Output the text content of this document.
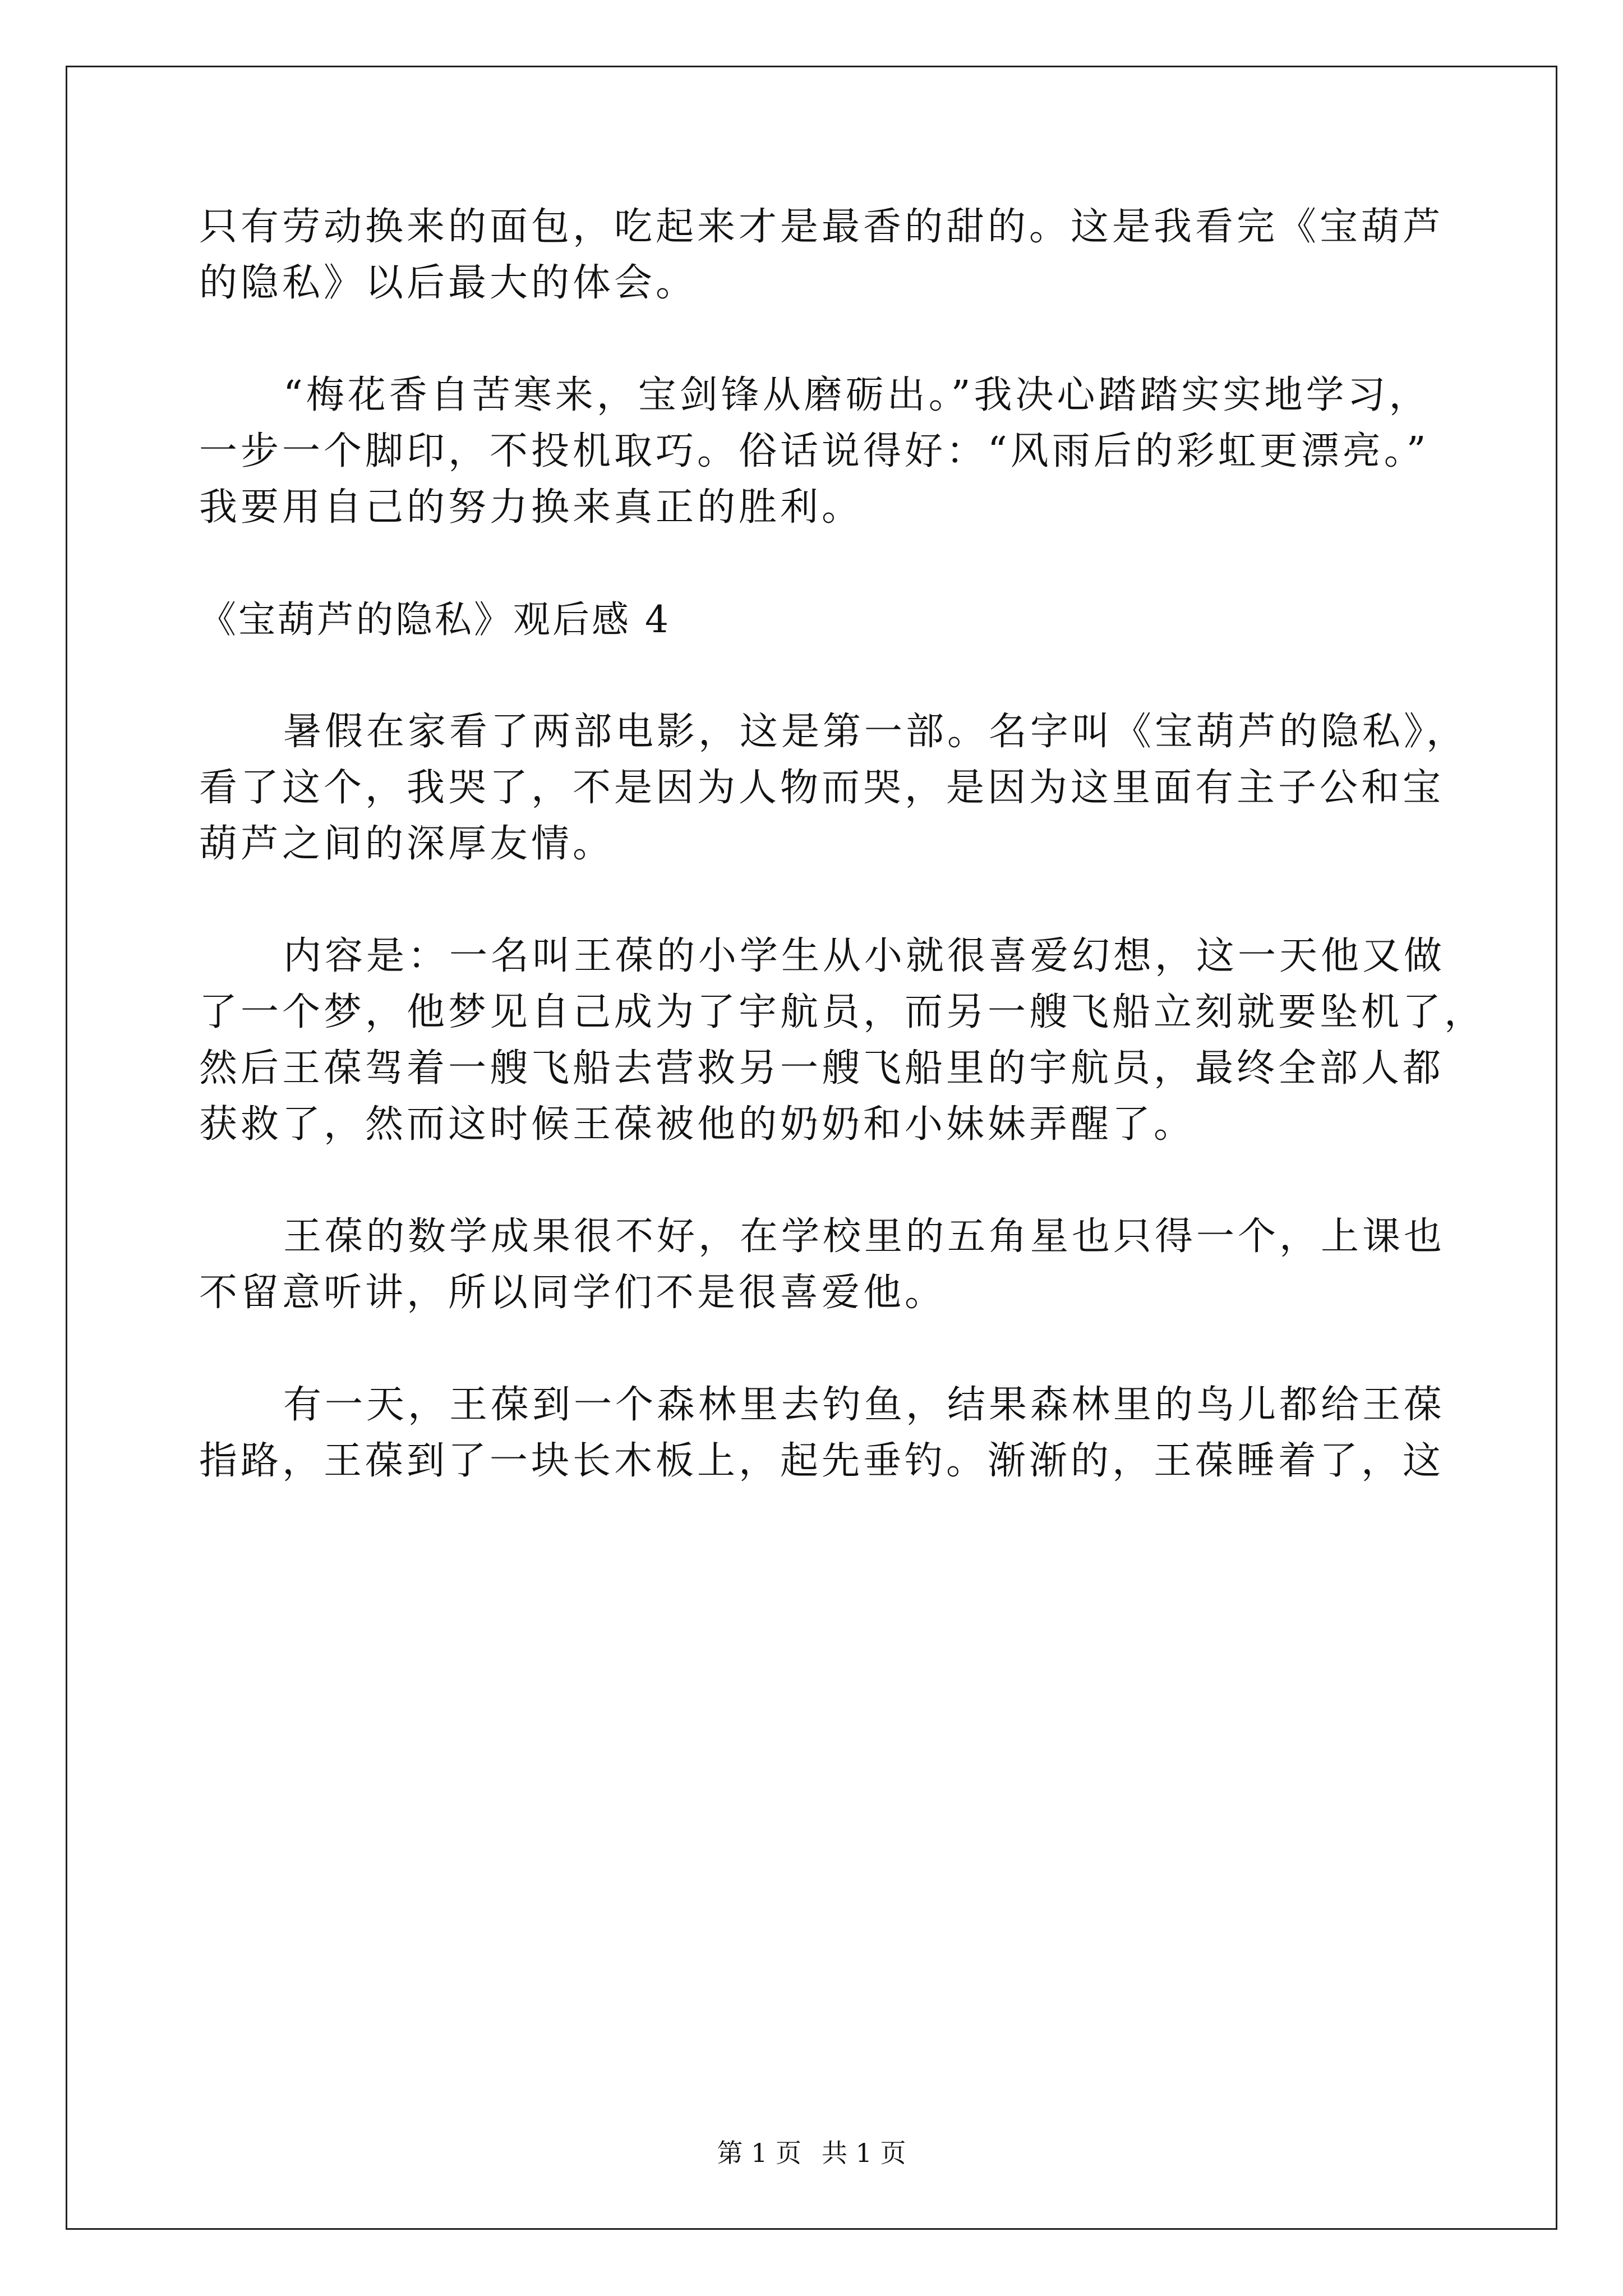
只有劳动换来的面包，吃起来才是最香的甜的。这是我看完《宝葫芦
的隐私》以后最大的体会。
“梅花香自苦寒来，宝剑锋从磨砺出。”我决心踏踏实实地学习，
一步一个脚印，不投机取巧。俗话说得好：“风雨后的彩虹更漂亮。”
我要用自己的努力换来真正的胜利。
《宝葫芦的隐私》观后感 4
暑假在家看了两部电影，这是第一部。名字叫《宝葫芦的隐私》，
看了这个，我哭了，不是因为人物而哭，是因为这里面有主子公和宝
葫芦之间的深厚友情。
内容是：一名叫王葆的小学生从小就很喜爱幻想，这一天他又做
了一个梦，他梦见自己成为了宇航员，而另一艘飞船立刻就要坠机了，
然后王葆驾着一艘飞船去营救另一艘飞船里的宇航员，最终全部人都
获救了，然而这时候王葆被他的奶奶和小妹妹弄醒了。
王葆的数学成果很不好，在学校里的五角星也只得一个，上课也
不留意听讲，所以同学们不是很喜爱他。
有一天，王葆到一个森林里去钓鱼，结果森林里的鸟儿都给王葆
指路，王葆到了一块长木板上，起先垂钓。渐渐的，王葆睡着了，这
第 1 页 共 1 页
